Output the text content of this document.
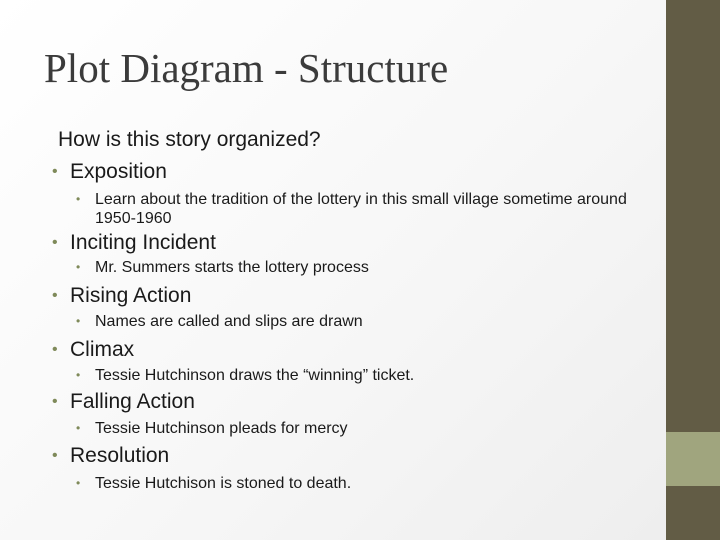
Plot Diagram - Structure
How is this story organized?
• Exposition
• Learn about the tradition of the lottery in this small village sometime around 1950-1960
• Inciting Incident
• Mr. Summers starts the lottery process
• Rising Action
• Names are called and slips are drawn
• Climax
• Tessie Hutchinson draws the “winning” ticket.
• Falling Action
• Tessie Hutchinson pleads for mercy
• Resolution
• Tessie Hutchison is stoned to death.
